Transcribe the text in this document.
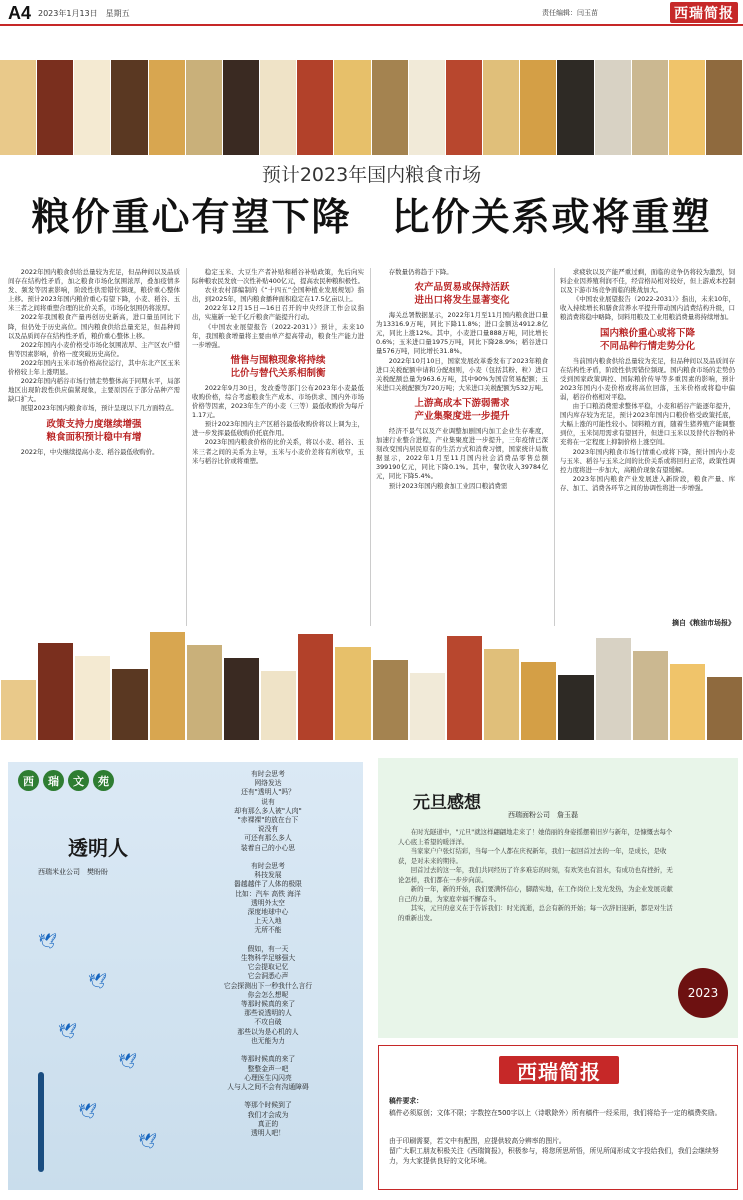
A4 2023年1月13日　星期五	责任编辑：闫玉苗	西瑞简报
预计2023年国内粮食市场
粮价重心有望下降　比价关系或将重塑

2022年国内粮食供给总量较为充足，但品种间以及品质间存在结构性矛盾，加之粮食市场化氛围浓厚，叠加疫情多发、频发等因素影响，阶段性供需错位频现，粮价重心整体上移。预计2023年国内粮价重心有望下降，小麦、稻谷、玉米三者之间将重塑合理的比价关系，市场化氛围仍将浓厚。

2022年我国粮食产量再创历史新高，进口量虽同比下降，但仍处于历史高位。国内粮食供给总量充足，但品种间以及品质间存在结构性矛盾，粮价重心整体上移。

2022年国内小麦价格受市场化氛围浓厚、主产区农户惜售等因素影响，价格一度突破历史高位。

2022年国内玉米市场价格高位运行，其中东北产区玉米价格较上年上涨明显。

2022年国内稻谷市场行情走势整体高于同期水平，局部地区出现阶段性供应偏紧现象，主要原因在于部分品种产需缺口扩大。

展望2023年国内粮食市场，预计呈现以下几方面特点。

政策支持力度继续增强
粮食面积预计稳中有增

2022年，中央继续提高小麦、稻谷最低收购价。

稳定玉米、大豆生产者补贴和稻谷补贴政策，先后向实际种粮农民发放一次性补贴400亿元，提高农民种粮积极性。

农业农村部编制的《“十四五”全国种植业发展规划》指出，到2025年，国内粮食播种面积稳定在17.5亿亩以上。

2022年12月15日—16日召开的中央经济工作会议指出，实施新一轮千亿斤粮食产能提升行动。

《中国农业展望报告（2022-2031）》预计，未来10年，我国粮食增量将主要由单产提高带动，粮食生产能力进一步增强。

惜售与囤粮现象将持续
比价与替代关系相制衡

2022年9月30日，发改委等部门公布2023年小麦最低收购价格，综合考虑粮食生产成本、市场供求、国内外市场价格等因素，2023年生产的小麦（三等）最低收购价为每斤1.17元。

预计2023年国内主产区稻谷最低收购价将以上调为主，进一步发挥最低收购价托底作用。

2023年国内粮食价格的比价关系，将以小麦、稻谷、玉米三者之间的关系为主导，玉米与小麦价差将有所收窄，玉米与稻谷比价或将重塑。

存数量仍将趋于下降。

农产品贸易或保持活跃
进出口将发生显著变化

海关总署数据显示，2022年1月至11月国内粮食进口量为13316.9万吨，同比下降11.8%；进口金额达4912.8亿元，同比上涨12%。其中，小麦进口量888万吨，同比增长0.6%；玉米进口量1975万吨，同比下降28.9%；稻谷进口量576万吨，同比增长31.8%。

2022年10月10日，国家发展改革委发布了2023年粮食进口关税配额申请和分配细则，小麦（包括其粉、粒）进口关税配额总量为963.6万吨，其中90%为国营贸易配额；玉米进口关税配额为720万吨；大米进口关税配额为532万吨。

上游高成本下游弱需求
产业集聚度进一步提升

经济不景气以及产业调整加剧国内加工企业生存难度，加速行业整合进程，产业集聚度进一步提升，三年疫情已深刻改变国内居民原有的生活方式和消费习惯，国家统计局数据显示，2022年1月至11月国内社会消费品零售总额399190亿元，同比下降0.1%。其中，餐饮收入39784亿元，同比下降5.4%。

预计2023年国内粮食加工业因口粮消费需

求疲软以及产能严重过剩，面临的竞争仍将较为激烈，饲料企业因养殖利润不佳，经营格局相对较好，但上游成本控制以及下游市场竞争面临的挑战加大。

《中国农业展望报告（2022-2031）》指出，未来10年，收入持续增长和膳食营养水平提升带动国内消费结构升级，口粮消费将稳中略降，饲料用粮及工业用粮消费量将持续增加。

国内粮价重心或将下降
不同品种行情走势分化

当前国内粮食供给总量较为充足，但品种间以及品质间存在结构性矛盾，阶段性供需错位频现。国内粮食市场的走势仍受到国家政策调控、国际粮价传导等多重因素的影响，预计2023年国内小麦价格或将高位回落，玉米价格或将稳中偏弱，稻谷价格相对平稳。

由于口粮消费需求整体平稳，小麦和稻谷产能逐年提升，国内库存较为充足，预计2023年国内口粮价格受政策托底，大幅上涨的可能性较小。饲料粮方面，随着生猪养殖产能调整到位，玉米饲用需求有望回升，但进口玉米以及替代谷物的补充将在一定程度上抑制价格上涨空间。

2023年国内粮食市场行情重心或将下降，预计国内小麦与玉米、稻谷与玉米之间的比价关系或将回归正常，政策性调控力度将进一步加大，高粮价现象有望缓解。

2023年国内粮食产业发展进入新阶段，粮食产量、库存、加工、消费各环节之间的协调性将进一步增强。

摘自《粮油市场报》
西	瑞	文	苑
透明人
西瑞米业公司　樊盼盼
有时会思考
网络发达
还有"透明人"吗？
说有
却有那么多人被"人肉"
"赤裸裸"的放在台下
说没有
可还有那么多人
装着自己的小心思

有时会思考
科技发展
嚣越越伴了人体的极限
比如：汽车 高铁 海洋
透明外太空
深度地球中心
上天入地
无所不能

假如，有一天
生物科学足够强大
它会提取记忆
它会洞悉心声
它会探测出下一秒我什么言行
你会怎么想呢
等那时候真的来了
那些说透明的人
不攻自破
那些以为是心机的人
也无能为力

等那时候真的来了
整整金声一吧
心理医生闪闪亮
人与人之间不会有沟通障碍

等那个时候到了
我们才会成为
真正的
透明人吧！
🕊
🕊
🕊
🕊
🕊
🕊
元旦感想
西瑞面粉公司　詹玉磊

在时光隧道中，"元旦"就这样翩翩地走来了！她俏丽的身姿摇摆着旧岁与新年，是慷慨去每个人心底上希望的暖洋洋。

当家家户户张灯结彩，当每一个人都在庆祝新年，我们一起回首过去的一年，是成长，是收获，是对未来的期待。

回首过去的这一年，我们共同经历了许多难忘的时刻，有欢笑也有泪水，有成功也有挫折，无论怎样，我们都在一步步向前。

新的一年，新的开始，我们要满怀信心，脚踏实地，在工作岗位上发光发热，为企业发展贡献自己的力量，为家庭幸福不懈奋斗。

其实，元旦的意义在于告诉我们：时光流逝，总会有新的开始；每一次辞旧迎新，都是对生活的重新出发。

2023
西瑞简报
稿件要求：
稿件必须原创；文体不限；字数控在500字以上（诗歌除外）所有稿件一经采用，我们将给予一定的稿费奖励。
由于印刷需要，若文中有配图，应提供较高分辨率的图片。
留广大职工朋友积极关注《西瑞简报》，积极参与，将您所思所悟，所见所闻形成文字投给我们，我们会继续努力，为大家提供良好的文化环境。
